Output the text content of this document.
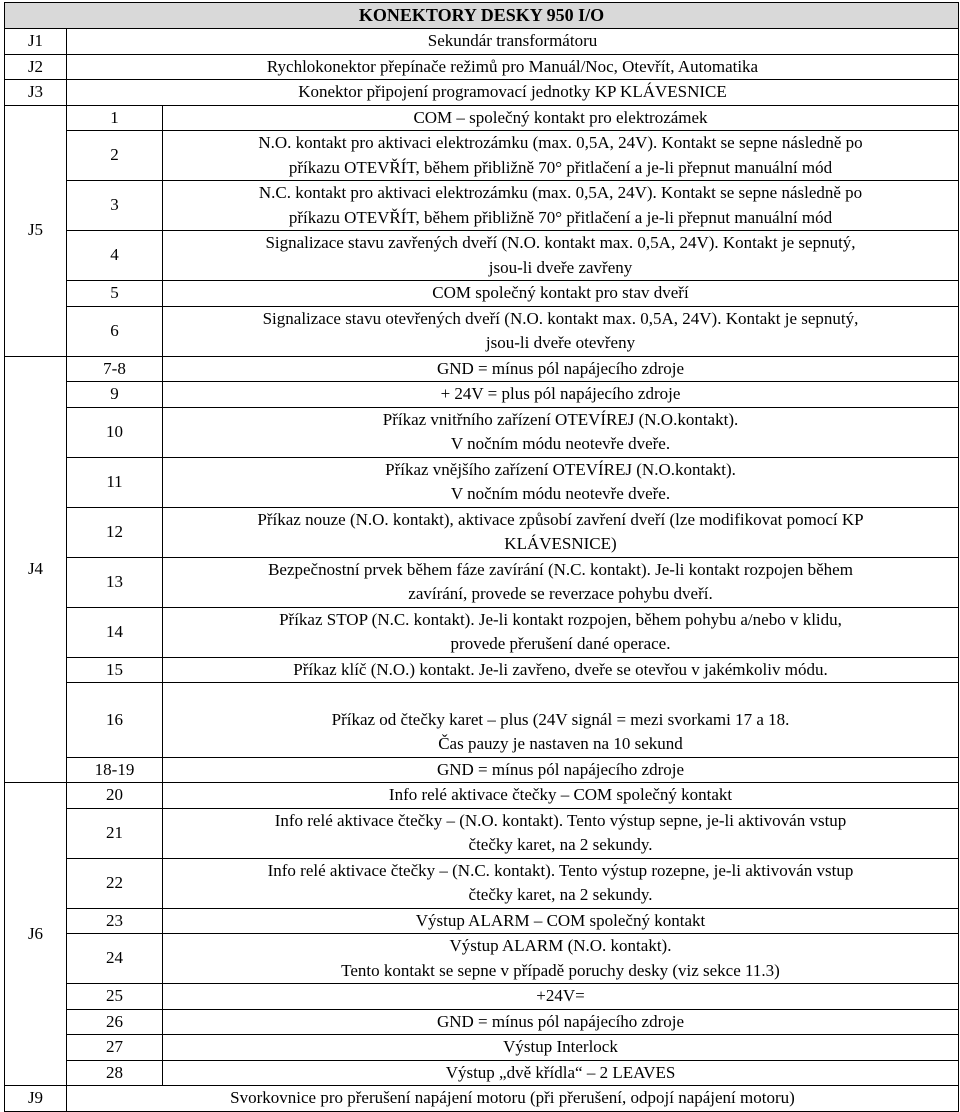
KONEKTORY DESKY 950 I/O		
J1	Sekundár transformátoru	
J2	Rychlokonektor přepínače režimů pro Manuál/Noc, Otevřít, Automatika	
J3	Konektor připojení programovací jednotky KP KLÁVESNICE	
J5	1	COM – společný kontakt pro elektrozámek

	2	N.O. kontakt pro aktivaci elektrozámku (max. 0,5A, 24V). Kontakt se sepne následně po
příkazu OTEVŘÍT, během přibližně 70° přitlačení a je-li přepnut manuální mód

	3	N.C. kontakt pro aktivaci elektrozámku (max. 0,5A, 24V). Kontakt se sepne následně po
příkazu OTEVŘÍT, během přibližně 70° přitlačení a je-li přepnut manuální mód

	4	Signalizace stavu zavřených dveří (N.O. kontakt max. 0,5A, 24V). Kontakt je sepnutý,
jsou-li dveře zavřeny

	5	COM společný kontakt pro stav dveří

	6	Signalizace stavu otevřených dveří (N.O. kontakt max. 0,5A, 24V). Kontakt je sepnutý,
jsou-li dveře otevřeny

J4	7-8	GND = mínus pól napájecího zdroje

	9	+ 24V = plus pól napájecího zdroje

	10	Příkaz vnitřního zařízení OTEVÍREJ (N.O.kontakt).
V nočním módu neotevře dveře.

	11	Příkaz vnějšího zařízení OTEVÍREJ (N.O.kontakt).
V nočním módu neotevře dveře.

	12	Příkaz nouze (N.O. kontakt), aktivace způsobí zavření dveří (lze modifikovat pomocí KP
KLÁVESNICE)

	13	Bezpečnostní prvek během fáze zavírání (N.C. kontakt). Je-li kontakt rozpojen během
zavírání, provede se reverzace pohybu dveří.

	14	Příkaz STOP (N.C. kontakt). Je-li kontakt rozpojen, během pohybu a/nebo v klidu,
provede přerušení dané operace.

	15	Příkaz klíč (N.O.) kontakt. Je-li zavřeno, dveře se otevřou v jakémkoliv módu.

	16	Příkaz od čtečky karet – plus (24V signál = mezi svorkami 17 a 18.
Čas pauzy je nastaven na 10 sekund

	18-19	GND = mínus pól napájecího zdroje

J6	20	Info relé aktivace čtečky – COM společný kontakt

	21	Info relé aktivace čtečky – (N.O. kontakt). Tento výstup sepne, je-li aktivován vstup
čtečky karet, na 2 sekundy.

	22	Info relé aktivace čtečky – (N.C. kontakt). Tento výstup rozepne, je-li aktivován vstup
čtečky karet, na 2 sekundy.

	23	Výstup ALARM – COM společný kontakt

	24	Výstup ALARM (N.O. kontakt).
Tento kontakt se sepne v případě poruchy desky (viz sekce 11.3)

	25	+24V=

	26	GND = mínus pól napájecího zdroje

	27	Výstup Interlock

	28	Výstup „dvě křídla“ – 2 LEAVES

J9	Svorkovnice pro přerušení napájení motoru (při přerušení, odpojí napájení motoru)	
